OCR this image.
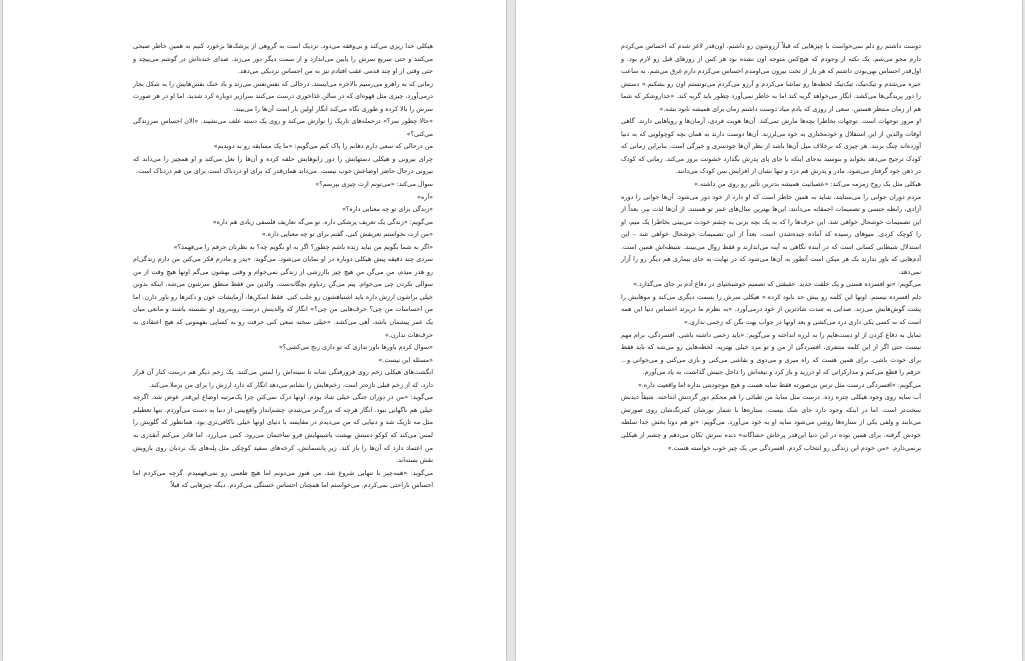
هیکلی خدا ریزی می‌کند و بی‌وقفه می‌دود. نزدیک است به گروهی از پزشک‌ها برخورد کنیم به همین خاطر صبحی می‌کنند و حتی سریع سرش را پایین می‌اندازد و از سمت دیگر دور می‌زند. صدای خنده‌اش در گوشم می‌پیچد و حتی وقتی از او چند قدمی عقب افتادم نیز به من احساس نزدیکی می‌دهد.

زمانی که به راهرو می‌رسیم بالاخره می‌ایستد. درحالی که نفس‌نفس می‌زند و باد خنک نفس‌هایش را به شکل بخار درمی‌آورد، چیزی مثل قهوه‌ای که در سالن غذاخوری درست می‌کنند سرازیر دوباره کرد شدید. اما او در هر صورت سرش را بالا کرده و طوری نگاه می‌کند انگار اولین بار است آن‌ها را می‌بیند.

«حالا چطور سر؟» درحمله‌های تاریک را نوازش می‌کند و روی یک دسته علف می‌نشیند. «الان احساس سرزندگی می‌کنی؟»

من درحالی که سعی دارم دهانم را پاک کنم می‌گویم: «ما یک مسابقه رو نه دویدیم»

چرای بیرونی و هیکلی دستهایش را دور زانوهایش حلقه کرده و آن‌ها را بغل می‌کند و او همچیز را می‌داند که بیرونی درحال حاضر اوضاعش خوب نیست. می‌داند همان‌قدر که برای او دردناک است برای من هم دردناک است.

سوال می‌کند: «می‌تونم ازت چیزی بپرسم؟»

«آره»

«زندگی برای تو چه معنایی داره؟»

می‌گویم: «زندگی یک تعریف پزشکی داره. تو می‌گه تعاریف فلسفی زیادی هم داره»

«من ازت نخواستم تعریفش کنی، گفتم برای تو چه معنایی داره.»

«اگر به شما بگویم من نباید زنده باشم چطور؟ اگر به او بگویم چه؟ به نظرتان حرفم را می‌فهمد؟»

سردی چند دقیقه پیش هیکلی دوباره در او نمایان می‌شود. می‌گوید: «پدر و مادرم فکر می‌کنن من دارم زندگی‌ام رو هدر میدم، من می‌گن من هیچ چیز باارزشی از زندگی نمی‌خوام و وقتی بهشون می‌گم اونها هیچ وقت از من سوالی نکردن چی می‌خوام. پیم می‌گن ردیاوم بچگانه‌ست. والدین من فقط منطق سرشون می‌شه، اینکه بدونن خیلی براشون ارزش داره باید اشتباهشون رو جلب کنی. فقط اسکن‌ها، آزمایشات خون و دکترها رو باور دارن. اما من احساسات من چی؟ حرف‌هایی من چی؟» انگار که والدینش درست روبه‌روی او نشسته باشند و مانعی میان یک عمر پیشمان باشد، آهی می‌کشد. «خیلی سخته سعی کنی حرفت رو به کسایی بفهمونی که هیچ اعتقادی به حرف‌هات ندارن.»

«سوال کردم باورها باور نداری که تو داری رنج می‌کشی؟»

«مسئله این نیست.»

انگشت‌های هیکلی زخم روی فرورفتگی شانه تا سینه‌اش را لمس می‌کنند. یک زخم دیگر هم درست کنار آن قرار دارد، که از زخم قبلی تازه‌تر است. زخم‌هایش را نشانم می‌دهد انگار که دارد ارزش را برای من برملا می‌کند.

می‌گوید: «من در دوران جنگی خیلی شاد بودم. اونها درک نمی‌کنن چرا یک‌مرتبه اوضاع این‌قدر عوض شد. اگرچه خیلی هم ناگهانی نبود. انگار هرچه که بزرگ‌تر می‌شدم، چشم‌انداز واقع‌بینی از دنیا به دست می‌آوردم. تنها تعطیلم مثل مه تاریک شد و دنیایی که من می‌دیدم در مقایسه با دنیای اونها خیلی ناکافی‌تری بود. همانطور که گلویش را لمس می‌کند که کوکو دستش بهشت یاشینهایش فرو ساختمان می‌رود. کمی می‌ارزد. اما قادر می‌کنم آنقدری به من اعتماد دارد که آن‌ها را باز کند. زیر پانسمانش، کرخه‌های سفید کوچکی مثل پله‌های یک نردبان روی بازویش نقش بسته‌اند.

می‌گوید: «همه‌چیز با تنهایی شروع شد. من هنوز می‌دونم اما هیچ طعمی رو نمی‌فهمیدم. گرچه می‌کردم اما احساس ناراحتی نمی‌کردم. می‌خواستم اما همچنان احساس خستگی می‌کردم. دیگه چیزهایی که قبلاً

دوست داشتم رو دلم نمی‌خواست با چیزهایی که قبلاً آرزوشون رو داشتم. اون‌قدر لاغر شدم که احساس می‌کردم دارم محو می‌شم. یک نکته از وجودم که هیچ‌کس متوجه اون نشده بود هر کس از روزهای قبل رو لازم بود. و اول‌قدر احساس تهی‌بودن داشتم که هر بار از تخت بیرون می‌اومدم احساس می‌کردم دارم غرق می‌شم. به ساعت خیره می‌شدم و تیک‌تیک، تیک‌تیک لحظه‌ها رو تماشا می‌کردم و آرزو می‌کردم می‌تونستم اون رو بشکنم.» دستش را دور پریدگی‌ها می‌کشد. انگار می‌خواهد گریه کند اما به خاطر نمی‌آورد چطور باید گریه کند. «خداروشکر که شما هم از زمان منتظر هستین. سعی از روزی که یادم میاد دوست داشتم زمان برای همیشه نابود بشه.»

او مرور توجهات است. توجهات بخاطرا بچه‌ها مارش تمی‌کند. آن‌ها هویت فردی، آرمان‌ها و رویاهایی دارند. گاهی اوقات والدین از این استقلال و خودمختاری به خود می‌لرزند. آن‌ها دوست دارند به همان بچه کوچولویی که به دنیا آورده‌اند چنگ بزنند. هر چیزی که برخلاف میل آن‌ها باشد از نظر آن‌ها خودسری و خیرگی است. بنابراین زمانی که کودک ترجیح می‌دهد بخوابد و بنوسید به‌جای اینکه با جای پای پدرش بگذارد خشونت بروز می‌کند. زمانی که کودک در ذهن خود گرفتار می‌شود، مادر و پدرش هم درد و تنها نشان از افزایش سن کودک می‌دانند.

هیکلی مثل یک روح زمزمه می‌کند: «عصبانیت همیشه بدترین تأثیر رو روی من داشته.»

مردم دوران جوانی را می‌ستایند، شاید به همین خاطر است که او دارد از خود دور می‌شود. آن‌ها جوانی را دوره آزادی، رابطه جنسی و تصمیمات احمقانه می‌دانند. این‌ها بهترین سال‌های عمر تو هستند. از آن‌ها لذت ببر. بعداً از این تصمیمات خوشحال خواهی شد. این حرف‌ها را که به یک بچه بزنی به چشم خودت می‌بینی بخاطرا یک میم، او را کوچک کردی. میوهای رسیده که آماده چیده‌شدن است. بعداً از این تصمیمات خوشحال خواهی شد – این استدلال شیطانی کسانی است که در آینده نگاهی به آینه می‌اندازند و فقط زوال می‌بینند. شیطه‌اش همین است. آدم‌هایی که باور ندارند یک هر میکن است آنطور به آن‌ها می‌شود که در نهایت به جای بیماری هم دیگر رو را آزار نمی‌دهد.

می‌گویم: «تو افسرده هستی و یک خلقت جدید. حقیقتی که تصمیم خوشبختیای در دفاع آدم بر جای می‌گذارد.»

دلم افسرده نیستم. اونها این کلمه رو بیش حد نابود کرده.» هیکلی سرش را بسمت دیگری می‌کند و موهایش را پشت گوش‌هایش می‌زند. صدایی به شدت شادترین از خود درمی‌آورد. «به نظرم ما دربرند احساس دنیا این همه است که به کسی یکی داری درد می‌کشی و بعد اونها در جواب بهت بگن که زخمی نداری.»

تمایل به دفاع کردن از او دست‌هایم را به لرزه انداخته و می‌گویم: «باید زخمی داشته باشی. افسردگی، برام مهم نیست حتی اگر از این کلمه متنفری، افسردگی از من و تو مزد خیلی بهتریه. لحظه‌هایی رو می‌شه که باید فقط برای خودت باشی. برای همین هست که راه میری و می‌دوی و نقاشی می‌کنی و بازی می‌کنی و می‌خوانی و... حرفم را قطع می‌کنم و مدارکراتی که او درزید و باز کرد و تیغه‌اش را داخل جیبش گذاشت، به یاد می‌آورم.

می‌گویم: «افسردگی درست مثل ترس بی‌صورته فقط سایه هست و هیچ موجودیتی نداره اما واقعیت داره.»

آب سایه روی وجود هیکلی چتره زده. درست مثل سایهٔ من طبائی را هم محکم دور گردنش انداخته. شیفاً دیدنش سخت‌تر است. اما در اینکه وجود دارد جای شک نیست. ستاره‌ها با شمار نورشان کمرنگ‌شان روی صورتش می‌تابند و ولفی یکی از ستاره‌ها روشن می‌شود سایه او به خود می‌آورد. می‌گویم: «تو هم دوتا بخش جدا سلطه خودش گرفته. برای همین بوده در این دنیا این‌قدر پرخاش حشاگانه» دنده سرش تکان می‌دهم و چشم از هیکلی برنمی‌دارم. «من خودم این زندگی رو انتخاب کردم. افسردگی من یک چیز خوب خواسته هست.»
